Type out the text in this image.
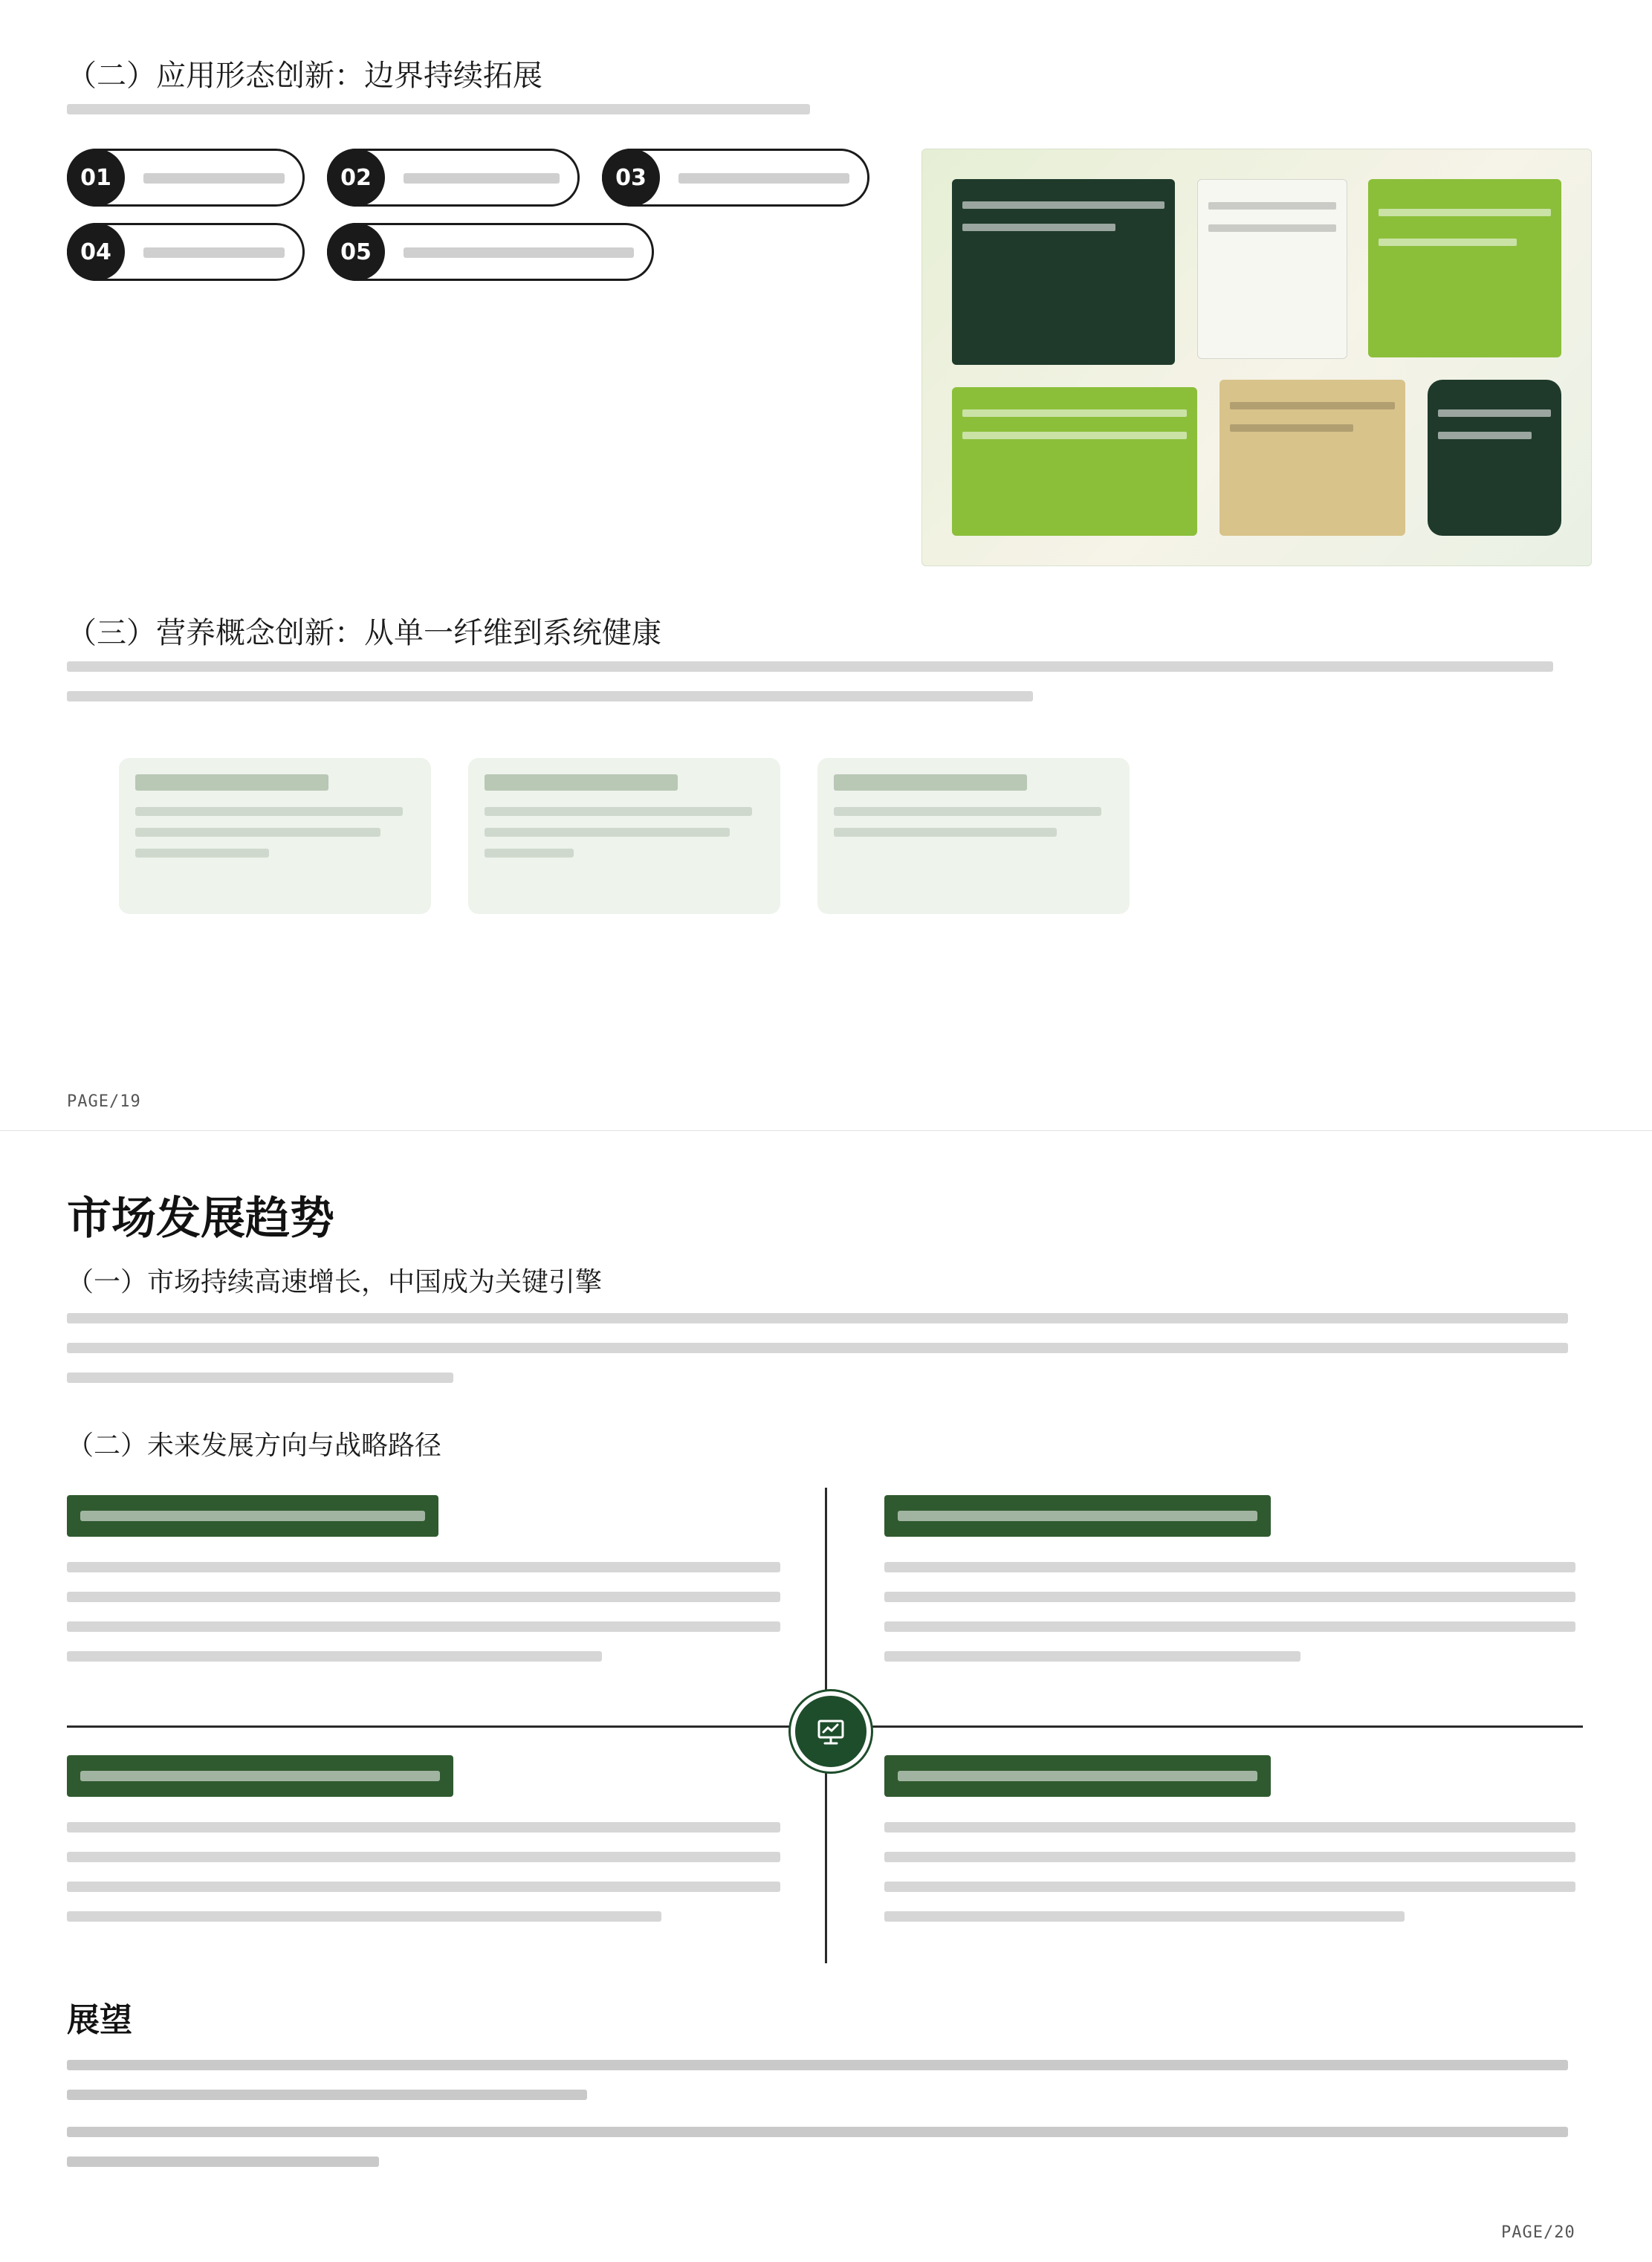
（二）应用形态创新：边界持续拓展
01	02	03
04	05
（三）营养概念创新：从单一纤维到系统健康
PAGE/19
市场发展趋势
（一）市场持续高速增长，中国成为关键引擎
（二）未来发展方向与战略路径
展望
PAGE/20
